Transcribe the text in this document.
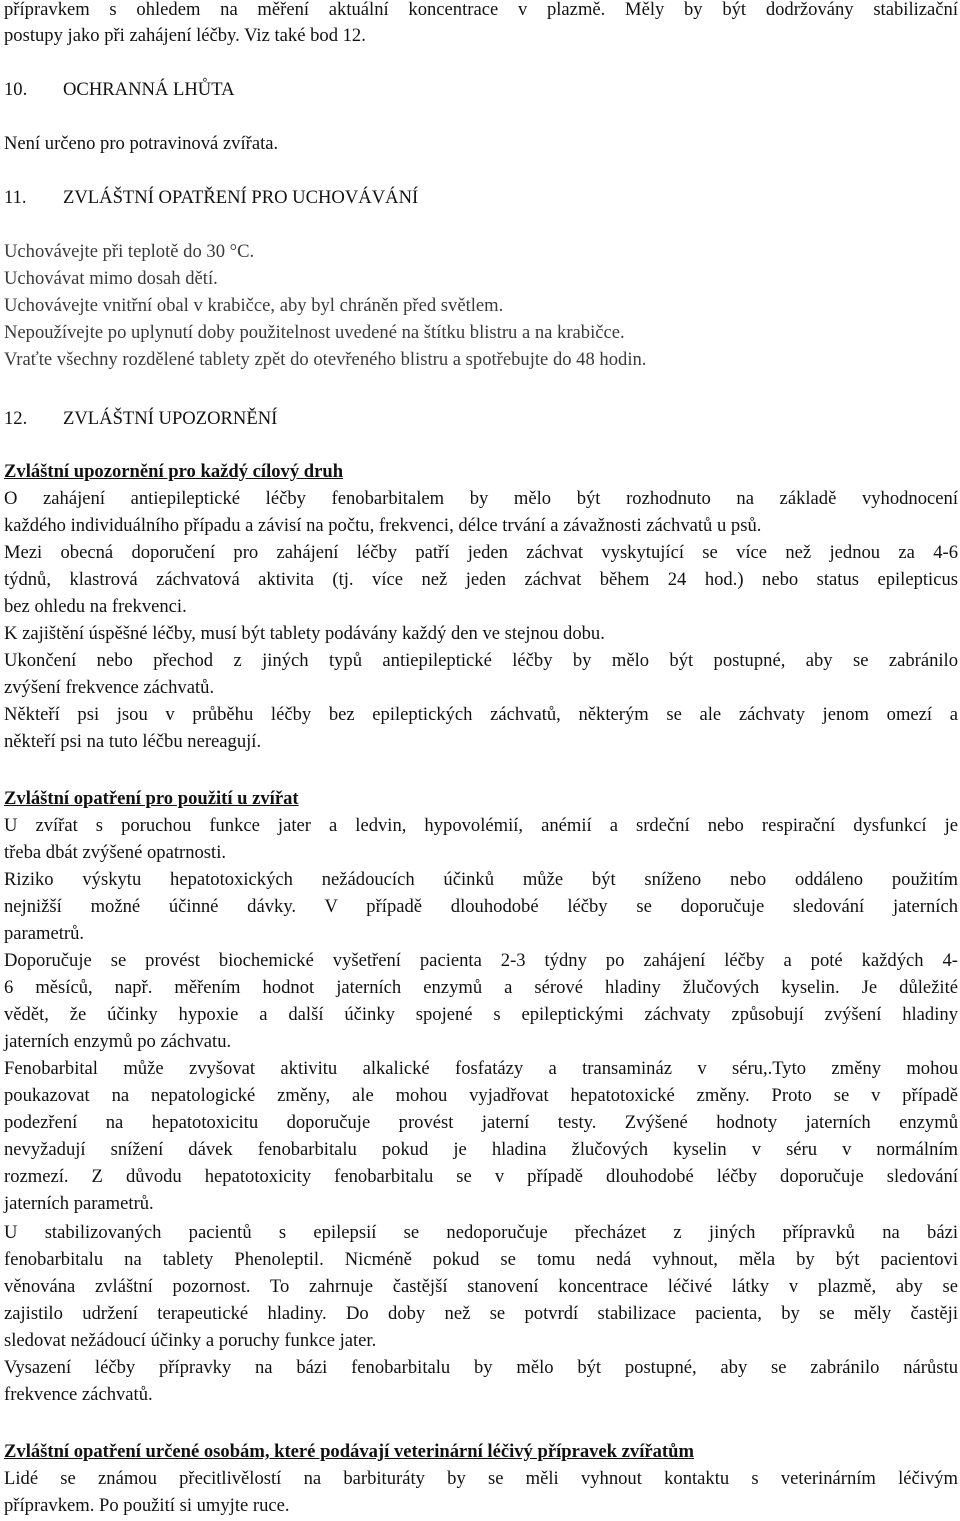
přípravkem s ohledem na měření aktuální koncentrace v plazmě. Měly by být dodržovány stabilizační

postupy jako při zahájení léčby. Viz také bod 12.

10. OCHRANNÁ LHŮTA

Není určeno pro potravinová zvířata.

11. ZVLÁŠTNÍ OPATŘENÍ PRO UCHOVÁVÁNÍ

Uchovávejte při teplotě do 30 °C.

Uchovávat mimo dosah dětí.

Uchovávejte vnitřní obal v krabičce, aby byl chráněn před světlem.

Nepoužívejte po uplynutí doby použitelnost uvedené na štítku blistru a na krabičce.

Vraťte všechny rozdělené tablety zpět do otevřeného blistru a spotřebujte do 48 hodin.

12. ZVLÁŠTNÍ UPOZORNĚNÍ
Zvláštní upozornění pro každý cílový druh

O zahájení antiepileptické léčby fenobarbitalem by mělo být rozhodnuto na základě vyhodnocení

každého individuálního případu a závisí na počtu, frekvenci, délce trvání a závažnosti záchvatů u psů.

Mezi obecná doporučení pro zahájení léčby patří jeden záchvat vyskytující se více než jednou za 4-6

týdnů, klastrová záchvatová aktivita (tj. více než jeden záchvat během 24 hod.) nebo status epilepticus

bez ohledu na frekvenci.

K zajištění úspěšné léčby, musí být tablety podávány každý den ve stejnou dobu.

Ukončení nebo přechod z jiných typů antiepileptické léčby by mělo být postupné, aby se zabránilo

zvýšení frekvence záchvatů.

Někteří psi jsou v průběhu léčby bez epileptických záchvatů, některým se ale záchvaty jenom omezí a

někteří psi na tuto léčbu nereagují.

Zvláštní opatření pro použití u zvířat

U zvířat s poruchou funkce jater a ledvin, hypovolémií, anémií a srdeční nebo respirační dysfunkcí je

třeba dbát zvýšené opatrnosti.

Riziko výskytu hepatotoxických nežádoucích účinků může být sníženo nebo oddáleno použitím

nejnižší možné účinné dávky. V případě dlouhodobé léčby se doporučuje sledování jaterních

parametrů.

Doporučuje se provést biochemické vyšetření pacienta 2-3 týdny po zahájení léčby a poté každých 4-

6 měsíců, např. měřením hodnot jaterních enzymů a sérové hladiny žlučových kyselin. Je důležité

vědět, že účinky hypoxie a další účinky spojené s epileptickými záchvaty způsobují zvýšení hladiny

jaterních enzymů po záchvatu.

Fenobarbital může zvyšovat aktivitu alkalické fosfatázy a transamináz v séru,.Tyto změny mohou

poukazovat na nepatologické změny, ale mohou vyjadřovat hepatotoxické změny. Proto se v případě

podezření na hepatotoxicitu doporučuje provést jaterní testy. Zvýšené hodnoty jaterních enzymů

nevyžadují snížení dávek fenobarbitalu pokud je hladina žlučových kyselin v séru v normálním

rozmezí. Z důvodu hepatotoxicity fenobarbitalu se v případě dlouhodobé léčby doporučuje sledování

jaterních parametrů.

U stabilizovaných pacientů s epilepsií se nedoporučuje přecházet z jiných přípravků na bázi

fenobarbitalu na tablety Phenoleptil. Nicméně pokud se tomu nedá vyhnout, měla by být pacientovi

věnována zvláštní pozornost. To zahrnuje častější stanovení koncentrace léčivé látky v plazmě, aby se

zajistilo udržení terapeutické hladiny. Do doby než se potvrdí stabilizace pacienta, by se měly častěji

sledovat nežádoucí účinky a poruchy funkce jater.

Vysazení léčby přípravky na bázi fenobarbitalu by mělo být postupné, aby se zabránilo nárůstu

frekvence záchvatů.

Zvláštní opatření určené osobám, které podávají veterinární léčivý přípravek zvířatům

Lidé se známou přecitlivělostí na barbituráty by se měli vyhnout kontaktu s veterinárním léčivým

přípravkem. Po použití si umyjte ruce.
